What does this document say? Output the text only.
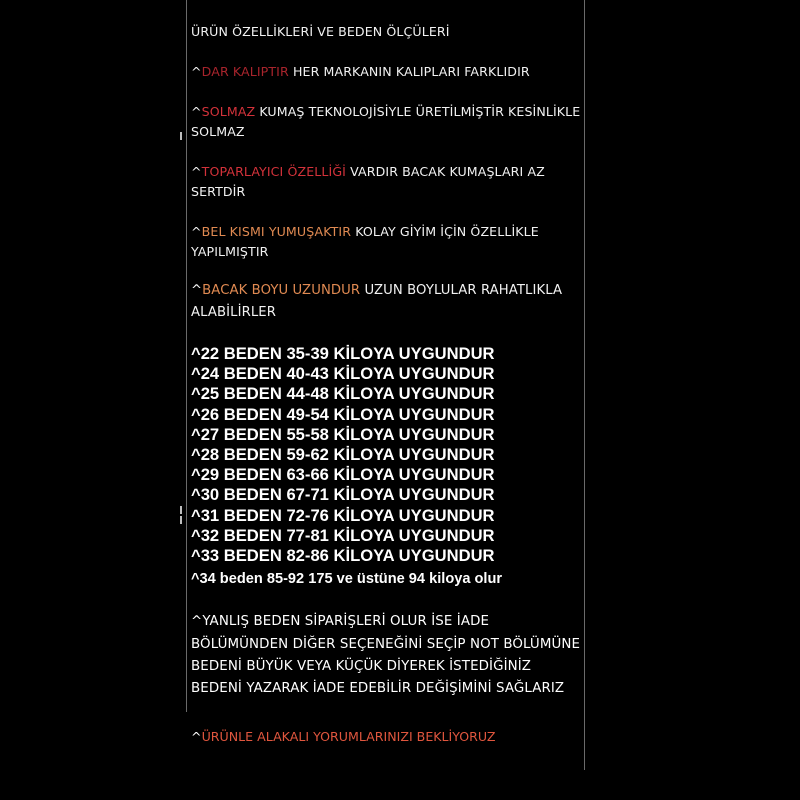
ÜRÜN ÖZELLİKLERİ VE BEDEN ÖLÇÜLERİ

^DAR KALIPTIR HER MARKANIN KALIPLARI FARKLIDIR

^SOLMAZ KUMAŞ TEKNOLOJİSİYLE ÜRETİLMİŞTİR KESİNLİKLE SOLMAZ

^TOPARLAYICI ÖZELLİĞİ VARDIR BACAK KUMAŞLARI AZ SERTDİR

^BEL KISMI YUMUŞAKTIR KOLAY GİYİM İÇİN ÖZELLİKLE YAPILMIŞTIR

^BACAK BOYU UZUNDUR UZUN BOYLULAR RAHATLIKLA ALABİLİRLER

^22 BEDEN 35-39 KİLOYA UYGUNDUR
^24 BEDEN 40-43 KİLOYA UYGUNDUR
^25 BEDEN 44-48 KİLOYA UYGUNDUR
^26 BEDEN 49-54 KİLOYA UYGUNDUR
^27 BEDEN 55-58 KİLOYA UYGUNDUR
^28 BEDEN 59-62 KİLOYA UYGUNDUR
^29 BEDEN 63-66 KİLOYA UYGUNDUR
^30 BEDEN 67-71 KİLOYA UYGUNDUR
^31 BEDEN 72-76 KİLOYA UYGUNDUR
^32 BEDEN 77-81 KİLOYA UYGUNDUR
^33 BEDEN 82-86 KİLOYA UYGUNDUR

^34 beden 85-92 175 ve üstüne 94 kiloya olur

^YANLIŞ BEDEN SİPARİŞLERİ OLUR İSE İADE BÖLÜMÜNDEN DİĞER SEÇENEĞİNİ SEÇİP NOT BÖLÜMÜNE BEDENİ BÜYÜK VEYA KÜÇÜK DİYEREK İSTEDİĞİNİZ BEDENİ YAZARAK İADE EDEBİLİR DEĞİŞİMİNİ SAĞLARIZ

^ÜRÜNLE ALAKALI YORUMLARINIZI BEKLİYORUZ
